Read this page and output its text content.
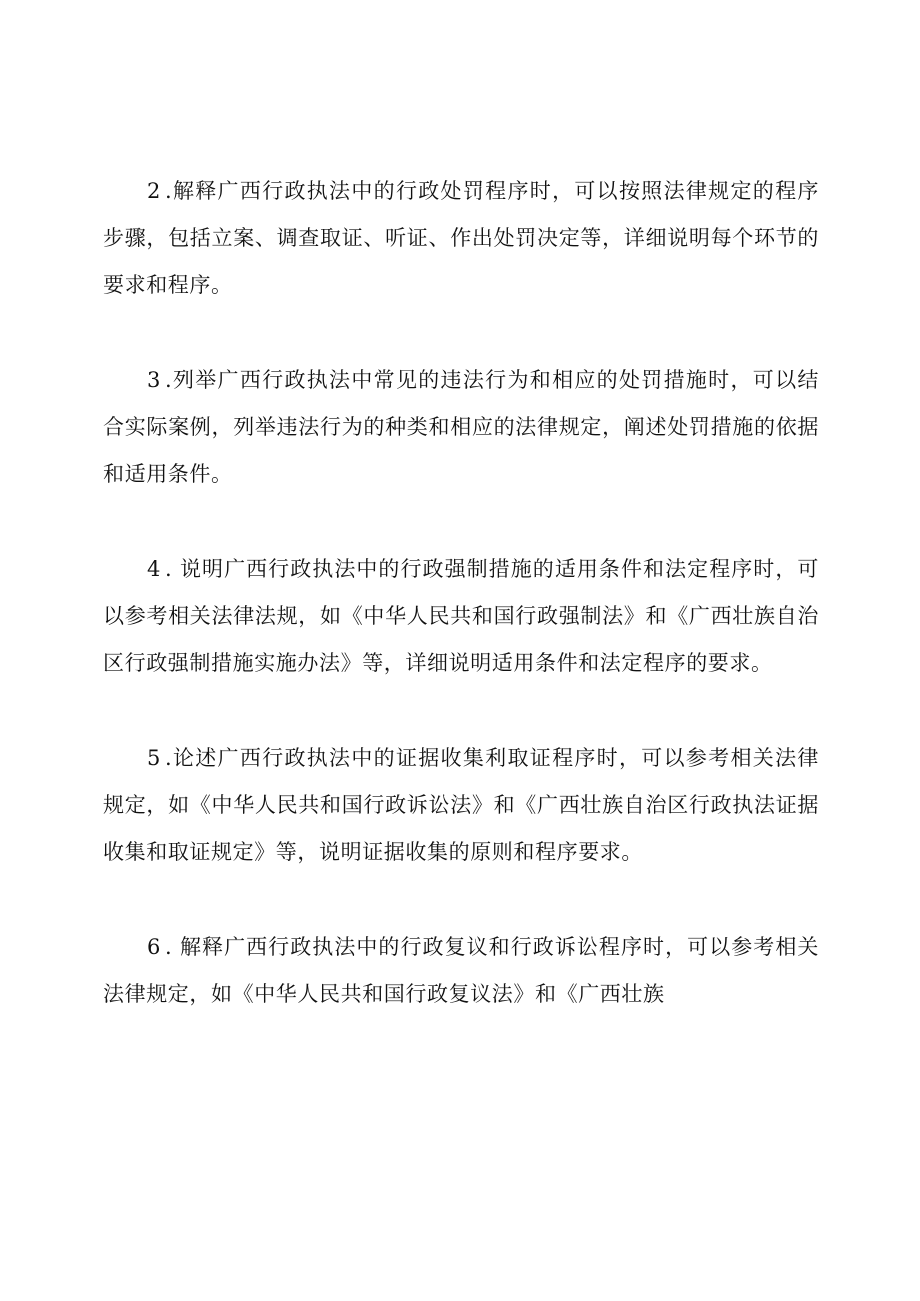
2 .解释广西行政执法中的行政处罚程序时，可以按照法律规定的程序步骤，包括立案、调查取证、听证、作出处罚决定等，详细说明每个环节的要求和程序。

3 .列举广西行政执法中常见的违法行为和相应的处罚措施时，可以结合实际案例，列举违法行为的种类和相应的法律规定，阐述处罚措施的依据和适用条件。

4 . 说明广西行政执法中的行政强制措施的适用条件和法定程序时，可以参考相关法律法规，如《中华人民共和国行政强制法》和《广西壮族自治区行政强制措施实施办法》等，详细说明适用条件和法定程序的要求。

5 .论述广西行政执法中的证据收集利取证程序时，可以参考相关法律规定，如《中华人民共和国行政诉讼法》和《广西壮族自治区行政执法证据收集和取证规定》等，说明证据收集的原则和程序要求。

6 . 解释广西行政执法中的行政复议和行政诉讼程序时，可以参考相关法律规定，如《中华人民共和国行政复议法》和《广西壮族
